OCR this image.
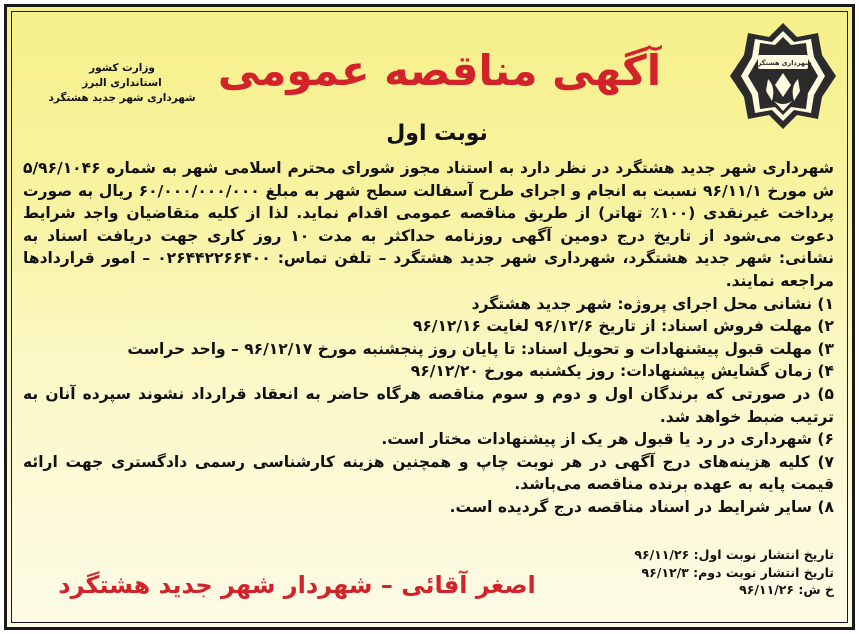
شهرداری هشتگرد
وزارت کشور
استانداری البرز
شهرداری شهر جدید هشتگرد
آگهی مناقصه عمومی
نوبت اول

شهرداری شهر جدید هشتگرد در نظر دارد به استناد مجوز شورای محترم اسلامی شهر به شماره ۵/۹۶/۱۰۴۶ ش مورخ ۹۶/۱۱/۱ نسبت به انجام و اجرای طرح آسفالت سطح شهر به مبلغ ۶۰/۰۰۰/۰۰۰/۰۰۰ ریال به صورت پرداخت غیرنقدی (۱۰۰٪ تهاتر) از طریق مناقصه عمومی اقدام نماید. لذا از کلیه متقاضیان واجد شرایط دعوت می‌شود از تاریخ درج دومین آگهی روزنامه حداکثر به مدت ۱۰ روز کاری جهت دریافت اسناد به نشانی: شهر جدید هشتگرد، شهرداری شهر جدید هشتگرد – تلفن تماس: ۰۲۶۴۴۲۲۶۶۴۰۰ – امور قراردادها مراجعه نمایند.

۱) نشانی محل اجرای پروژه: شهر جدید هشتگرد
۲) مهلت فروش اسناد: از تاریخ ۹۶/۱۲/۶ لغایت ۹۶/۱۲/۱۶
۳) مهلت قبول پیشنهادات و تحویل اسناد: تا پایان روز پنجشنبه مورخ ۹۶/۱۲/۱۷ – واحد حراست
۴) زمان گشایش پیشنهادات: روز یکشنبه مورخ ۹۶/۱۲/۲۰
۵) در صورتی که برندگان اول و دوم و سوم مناقصه هرگاه حاضر به انعقاد قرارداد نشوند سپرده آنان به ترتیب ضبط خواهد شد.
۶) شهرداری در رد یا قبول هر یک از پیشنهادات مختار است.
۷) کلیه هزینه‌های درج آگهی در هر نوبت چاپ و همچنین هزینه کارشناسی رسمی دادگستری جهت ارائه قیمت پایه به عهده برنده مناقصه می‌باشد.
۸) سایر شرایط در اسناد مناقصه درج گردیده است.
تاریخ انتشار نوبت اول: ۹۶/۱۱/۲۶
تاریخ انتشار نوبت دوم: ۹۶/۱۲/۳
خ ش: ۹۶/۱۱/۲۶
اصغر آقائی – شهردار شهر جدید هشتگرد
